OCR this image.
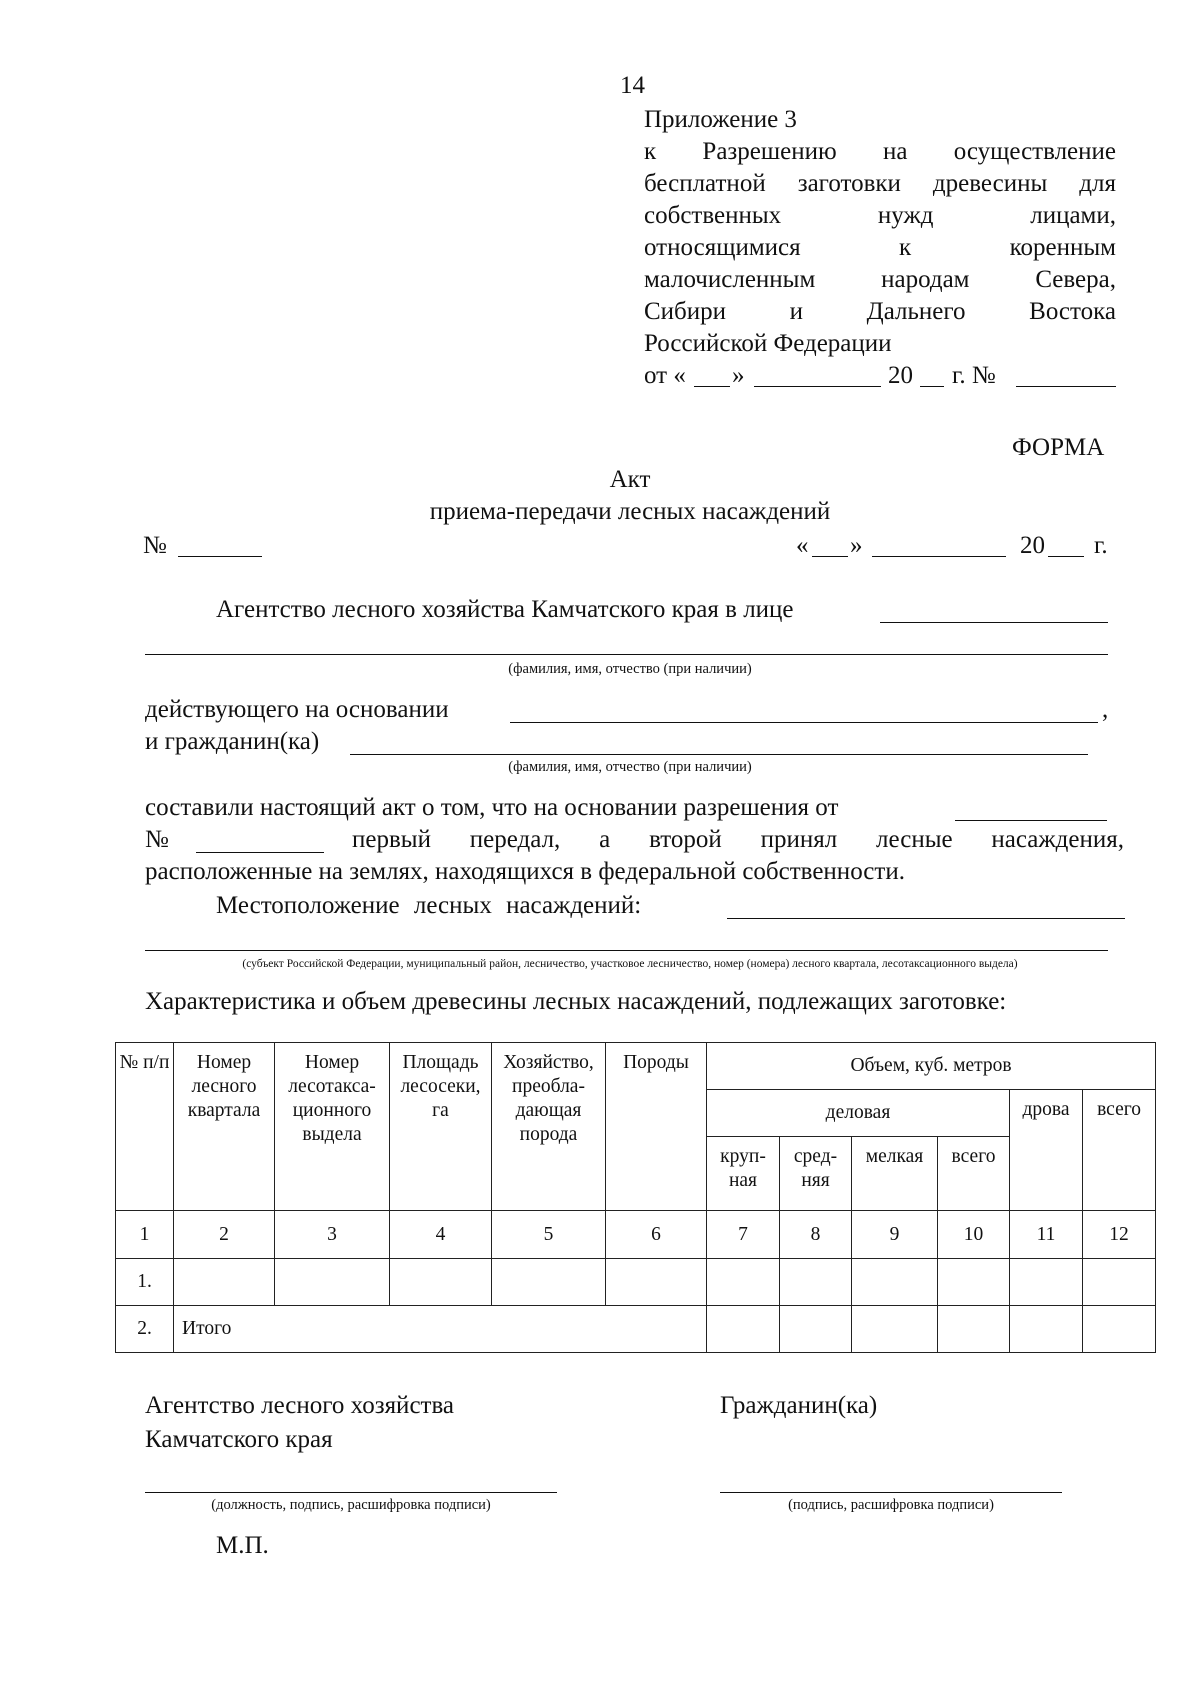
14
Приложение 3
к Разрешению на осуществление
бесплатной заготовки древесины для
собственных нужд лицами,
относящимися к коренным
малочисленным народам Севера,
Сибири и Дальнего Востока
Российской Федерации
от « »	20 г. №
ФОРМА
Акт
приема-передачи лесных насаждений
№	« »	20 г.
Агентство лесного хозяйства Камчатского края в лице
(фамилия, имя, отчество (при наличии)
действующего на основании	,
и гражданин(ка)
(фамилия, имя, отчество (при наличии)
составили настоящий акт о том, что на основании разрешения от
№	первый передал, а второй принял лесные насаждения,
расположенные на землях, находящихся в федеральной собственности.
Местоположение лесных насаждений:
(субъект Российской Федерации, муниципальный район, лесничество, участковое лесничество, номер (номера) лесного квартала, лесотаксационного выдела)
Характеристика и объем древесины лесных насаждений, подлежащих заготовке:
№ п/п	Номер лесного квартала	Номер лесотакса-ционного выдела	Площадь лесосеки, га	Хозяйство, преобла-дающая порода	Породы	Объем, куб. метров					
						деловая				дрова	всего
						круп-ная	сред-няя	мелкая	всего		
1	2	3	4	5	6	7	8	9	10	11	12
1.											
2.	Итого										
Агентство лесного хозяйства
Камчатского края
(должность, подпись, расшифровка подписи)
Гражданин(ка)
(подпись, расшифровка подписи)
М.П.
